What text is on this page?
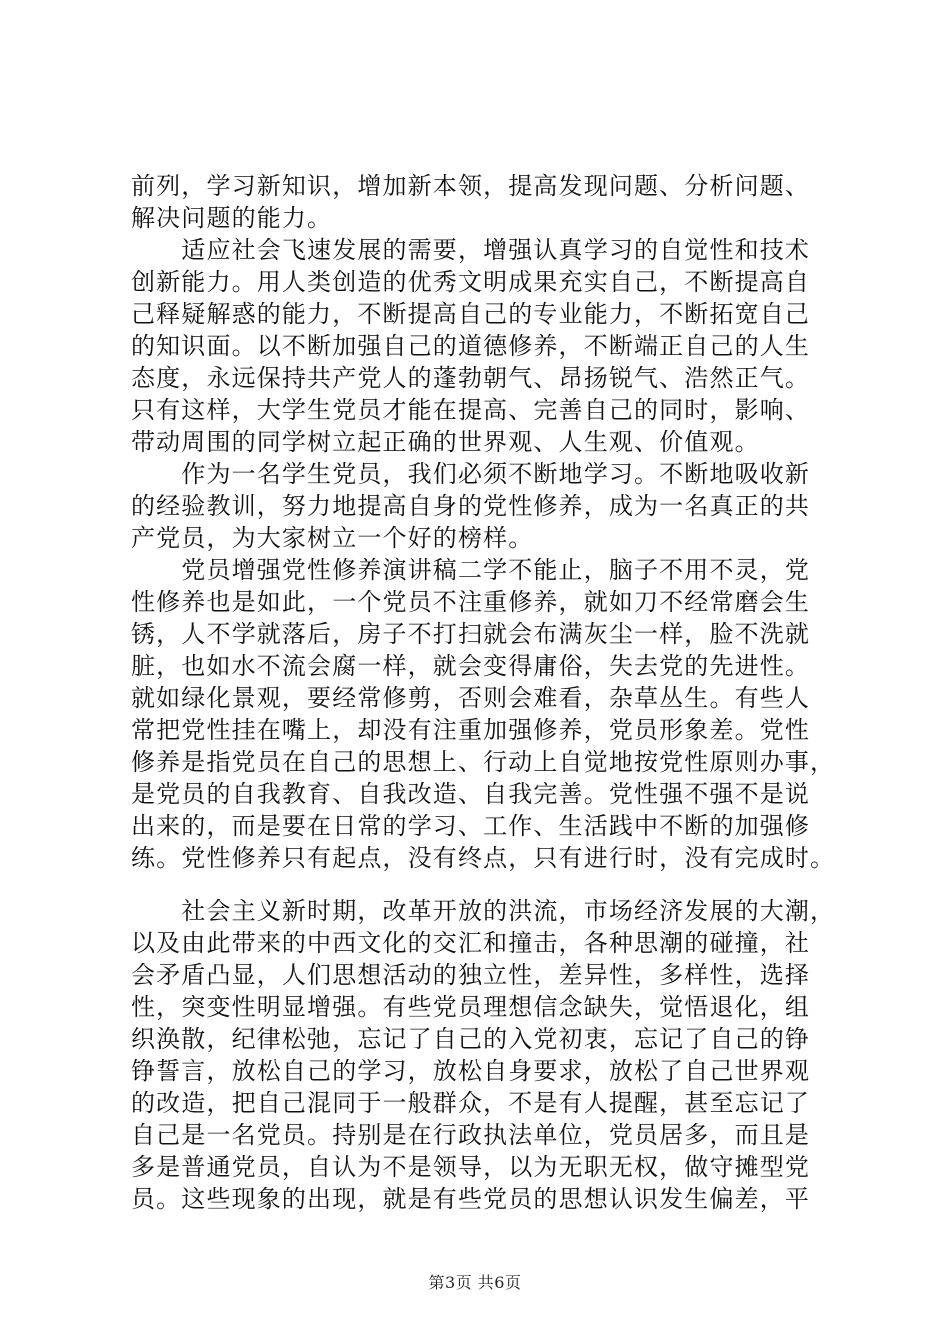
前列，学习新知识，增加新本领，提高发现问题、分析问题、
解决问题的能力。
　　适应社会飞速发展的需要，增强认真学习的自觉性和技术
创新能力。用人类创造的优秀文明成果充实自己，不断提高自
己释疑解惑的能力，不断提高自己的专业能力，不断拓宽自己
的知识面。以不断加强自己的道德修养，不断端正自己的人生
态度，永远保持共产党人的蓬勃朝气、昂扬锐气、浩然正气。
只有这样，大学生党员才能在提高、完善自己的同时，影响、
带动周围的同学树立起正确的世界观、人生观、价值观。
　　作为一名学生党员，我们必须不断地学习。不断地吸收新
的经验教训，努力地提高自身的党性修养，成为一名真正的共
产党员，为大家树立一个好的榜样。
　　党员增强党性修养演讲稿二学不能止，脑子不用不灵，党
性修养也是如此，一个党员不注重修养，就如刀不经常磨会生
锈，人不学就落后，房子不打扫就会布满灰尘一样，脸不洗就
脏，也如水不流会腐一样，就会变得庸俗，失去党的先进性。
就如绿化景观，要经常修剪，否则会难看，杂草丛生。有些人
常把党性挂在嘴上，却没有注重加强修养，党员形象差。党性
修养是指党员在自己的思想上、行动上自觉地按党性原则办事，
是党员的自我教育、自我改造、自我完善。党性强不强不是说
出来的，而是要在日常的学习、工作、生活践中不断的加强修
练。党性修养只有起点，没有终点，只有进行时，没有完成时。
　　社会主义新时期，改革开放的洪流，市场经济发展的大潮，
以及由此带来的中西文化的交汇和撞击，各种思潮的碰撞，社
会矛盾凸显，人们思想活动的独立性，差异性，多样性，选择
性，突变性明显增强。有些党员理想信念缺失，觉悟退化，组
织涣散，纪律松弛，忘记了自己的入党初衷，忘记了自己的铮
铮誓言，放松自己的学习，放松自身要求，放松了自己世界观
的改造，把自己混同于一般群众，不是有人提醒，甚至忘记了
自己是一名党员。持别是在行政执法单位，党员居多，而且是
多是普通党员，自认为不是领导，以为无职无权，做守摊型党
员。这些现象的出现，就是有些党员的思想认识发生偏差，平
第3页 共6页
